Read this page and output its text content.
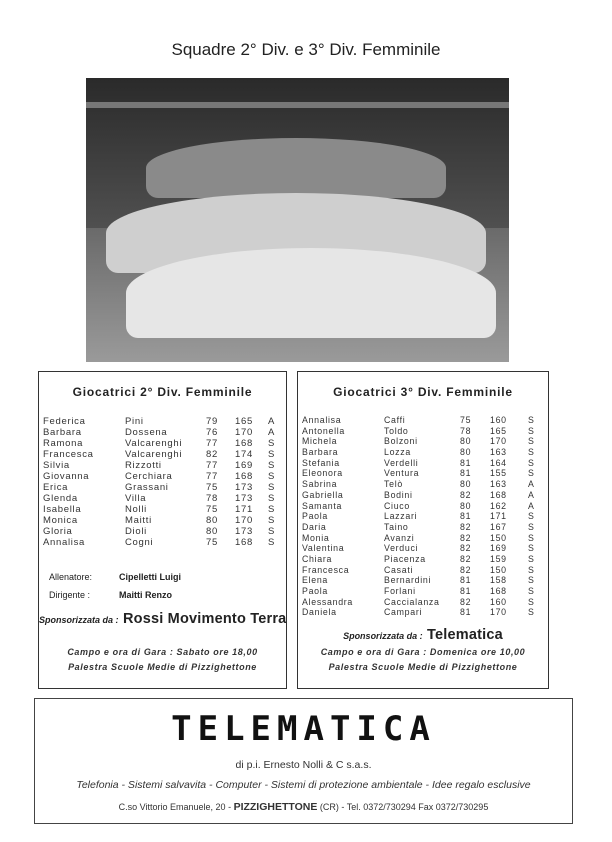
Squadre 2° Div. e 3° Div. Femminile
Giocatrici 2° Div. Femminile
Federica	Pini	79 165 A
Barbara	Dossena	76 170 A
Ramona	Valcarenghi	77 168 S
Francesca	Valcarenghi	82 174 S
Silvia	Rizzotti	77 169 S
Giovanna	Cerchiara	77 168 S
Erica	Grassani	75 173 S
Glenda	Villa	78 173 S
Isabella	Nolli	75 171 S
Monica	Maitti	80 170 S
Gloria	Dioli	80 173 S
Annalisa	Cogni	75 168 S
Allenatore:	Cipelletti Luigi
Dirigente :	Maitti Renzo
Sponsorizzata da : Rossi Movimento Terra
Campo e ora di Gara : Sabato ore 18,00
Palestra Scuole Medie di Pizzighettone
Giocatrici 3° Div. Femminile
Annalisa	Caffi	75 160 S
Antonella	Toldo	78 165 S
Michela	Bolzoni	80 170 S
Barbara	Lozza	80 163 S
Stefania	Verdelli	81 164 S
Eleonora	Ventura	81 155 S
Sabrina	Telò	80 163 A
Gabriella	Bodini	82 168 A
Samanta	Ciuco	80 162 A
Paola	Lazzari	81 171 S
Daria	Taino	82 167 S
Monia	Avanzi	82 150 S
Valentina	Verduci	82 169 S
Chiara	Piacenza	82 159 S
Francesca	Casati	82 150 S
Elena	Bernardini	81 158 S
Paola	Forlani	81 168 S
Alessandra	Caccialanza 82 160 S
Daniela	Campari	81 170 S
Sponsorizzata da : Telematica
Campo e ora di Gara : Domenica ore 10,00
Palestra Scuole Medie di Pizzighettone
TELEMATICA
di p.i. Ernesto Nolli & C s.a.s.
Telefonia - Sistemi salvavita - Computer - Sistemi di protezione ambientale - Idee regalo esclusive
C.so Vittorio Emanuele, 20 - PIZZIGHETTONE (CR) - Tel. 0372/730294 Fax 0372/730295
